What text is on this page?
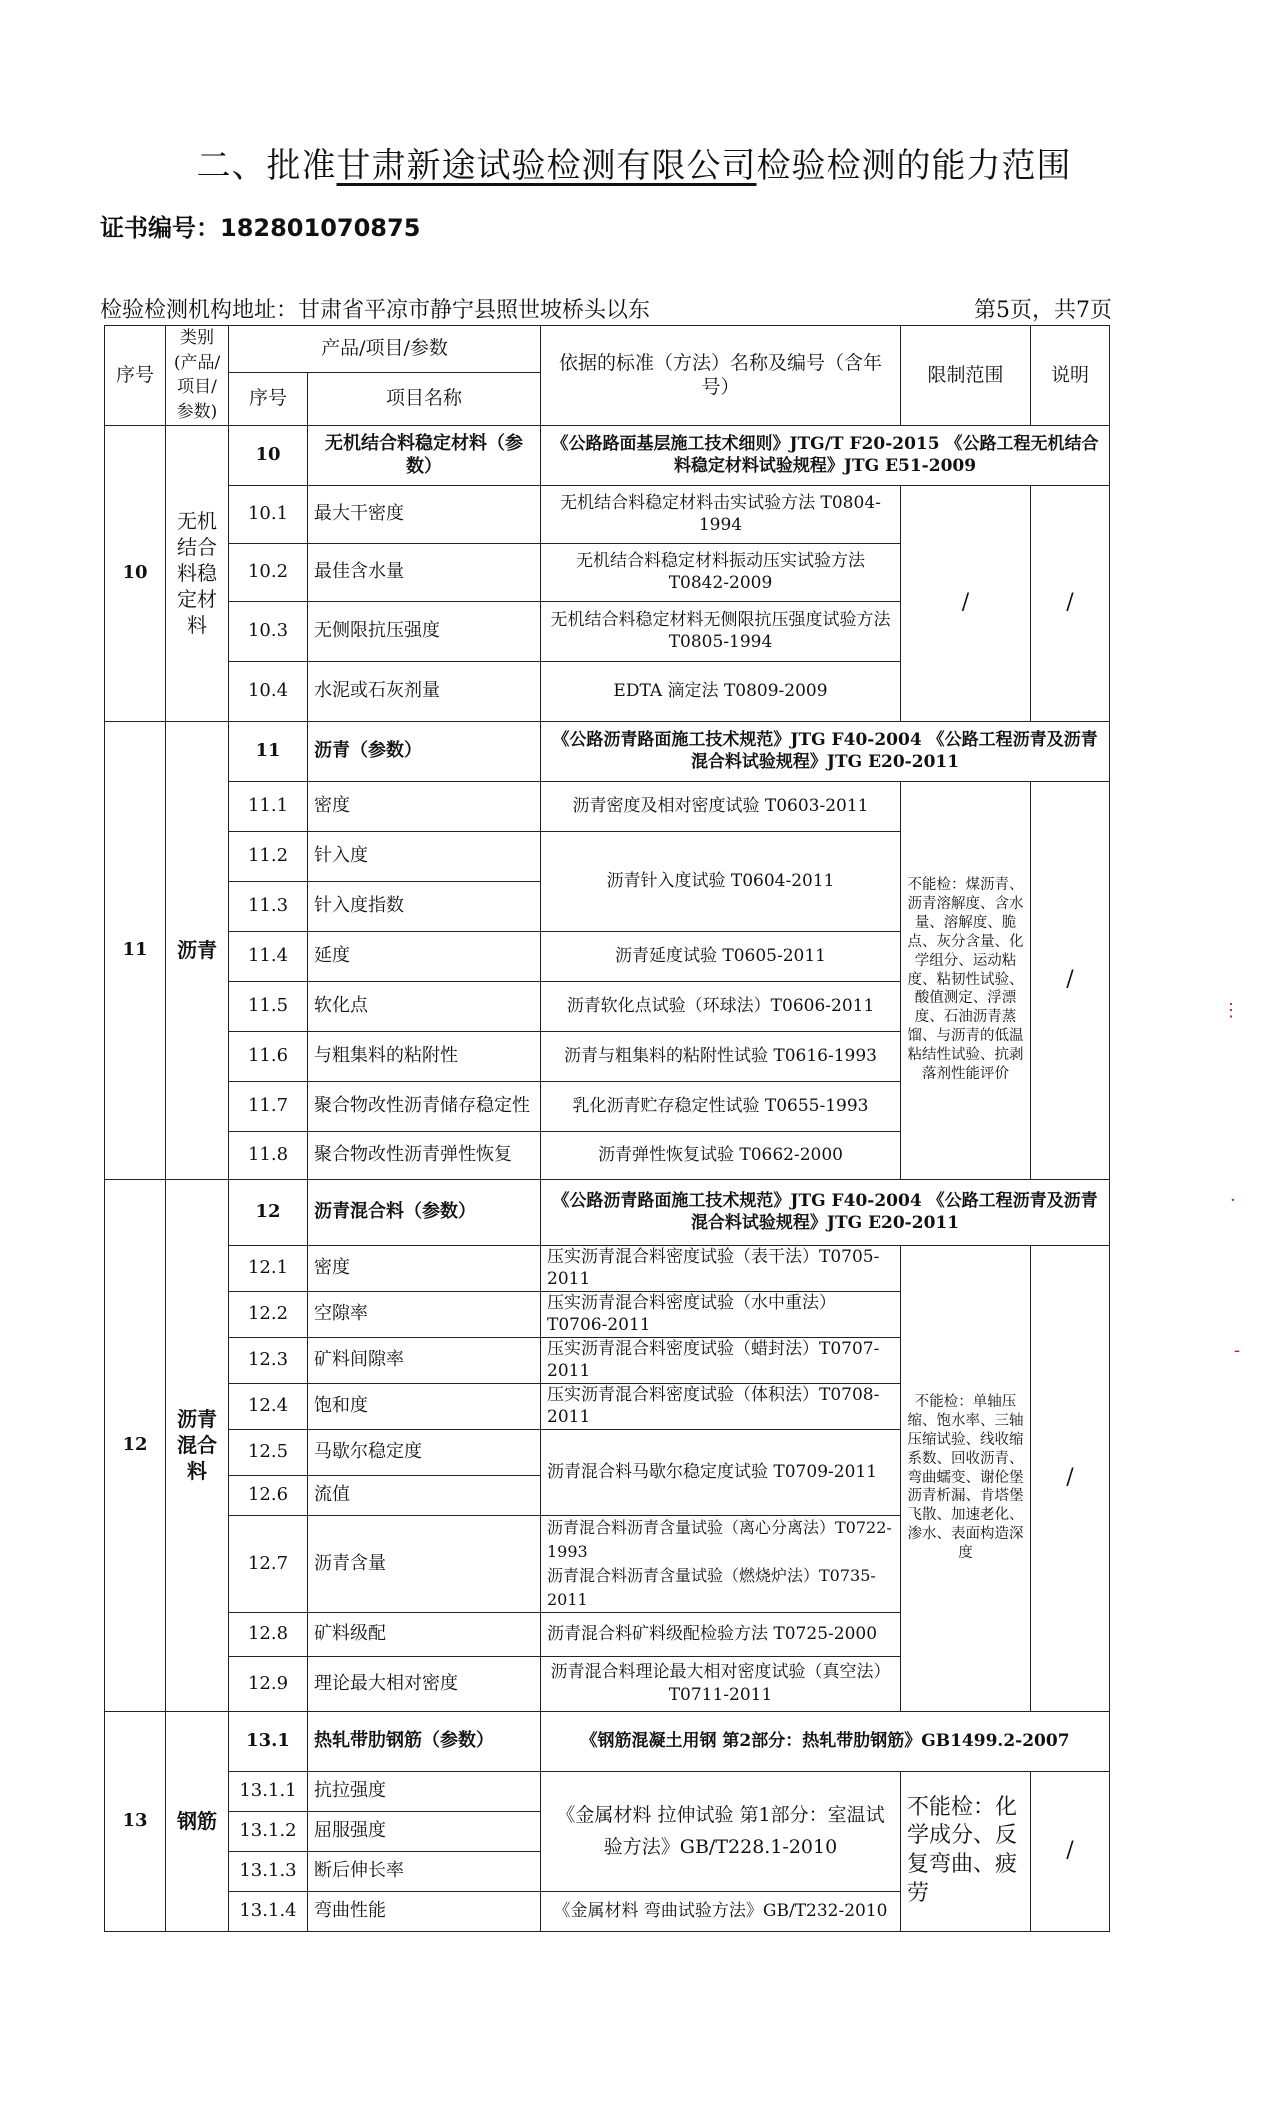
二、批准甘肃新途试验检测有限公司检验检测的能力范围
证书编号：182801070875
检验检测机构地址：甘肃省平凉市静宁县照世坡桥头以东	第5页，共7页
序号	类别(产品/项目/参数)	产品/项目/参数		依据的标准（方法）名称及编号（含年号）	限制范围	说明
		序号	项目名称			
10	无机结合料稳定材料	10	无机结合料稳定材料（参数）	《公路路面基层施工技术细则》JTG/T F20-2015 《公路工程无机结合料稳定材料试验规程》JTG E51-2009		
		10.1	最大干密度	无机结合料稳定材料击实试验方法 T0804-1994	/	/
		10.2	最佳含水量	无机结合料稳定材料振动压实试验方法 T0842-2009		
		10.3	无侧限抗压强度	无机结合料稳定材料无侧限抗压强度试验方法 T0805-1994		
		10.4	水泥或石灰剂量	EDTA 滴定法 T0809-2009		
11	沥青	11	沥青（参数）	《公路沥青路面施工技术规范》JTG F40-2004 《公路工程沥青及沥青混合料试验规程》JTG E20-2011		
		11.1	密度	沥青密度及相对密度试验 T0603-2011	不能检：煤沥青、沥青溶解度、含水量、溶解度、脆点、灰分含量、化学组分、运动粘度、粘韧性试验、酸值测定、浮漂度、石油沥青蒸馏、与沥青的低温粘结性试验、抗剥落剂性能评价	/
		11.2	针入度	沥青针入度试验 T0604-2011		
		11.3	针入度指数			
		11.4	延度	沥青延度试验 T0605-2011		
		11.5	软化点	沥青软化点试验（环球法）T0606-2011		
		11.6	与粗集料的粘附性	沥青与粗集料的粘附性试验 T0616-1993		
		11.7	聚合物改性沥青储存稳定性	乳化沥青贮存稳定性试验 T0655-1993		
		11.8	聚合物改性沥青弹性恢复	沥青弹性恢复试验 T0662-2000		
12	沥青混合料	12	沥青混合料（参数）	《公路沥青路面施工技术规范》JTG F40-2004 《公路工程沥青及沥青混合料试验规程》JTG E20-2011		
		12.1	密度	压实沥青混合料密度试验（表干法）T0705-2011	不能检：单轴压缩、饱水率、三轴压缩试验、线收缩系数、回收沥青、弯曲蠕变、谢伦堡沥青析漏、肯塔堡飞散、加速老化、渗水、表面构造深度	/
		12.2	空隙率	压实沥青混合料密度试验（水中重法）T0706-2011		
		12.3	矿料间隙率	压实沥青混合料密度试验（蜡封法）T0707-2011		
		12.4	饱和度	压实沥青混合料密度试验（体积法）T0708-2011		
		12.5	马歇尔稳定度	沥青混合料马歇尔稳定度试验 T0709-2011		
		12.6	流值			
		12.7	沥青含量	沥青混合料沥青含量试验（离心分离法）T0722-1993
沥青混合料沥青含量试验（燃烧炉法）T0735-2011		

		12.8	矿料级配	沥青混合料矿料级配检验方法 T0725-2000		
		12.9	理论最大相对密度	沥青混合料理论最大相对密度试验（真空法）T0711-2011		
13	钢筋	13.1	热轧带肋钢筋（参数）	《钢筋混凝土用钢 第2部分：热轧带肋钢筋》GB1499.2-2007		
		13.1.1	抗拉强度	《金属材料 拉伸试验 第1部分：室温试验方法》GB/T228.1-2010	不能检：化学成分、反复弯曲、疲劳	/
		13.1.2	屈服强度			
		13.1.3	断后伸长率			
		13.1.4	弯曲性能	《金属材料 弯曲试验方法》GB/T232-2010		
⋮
·
-
